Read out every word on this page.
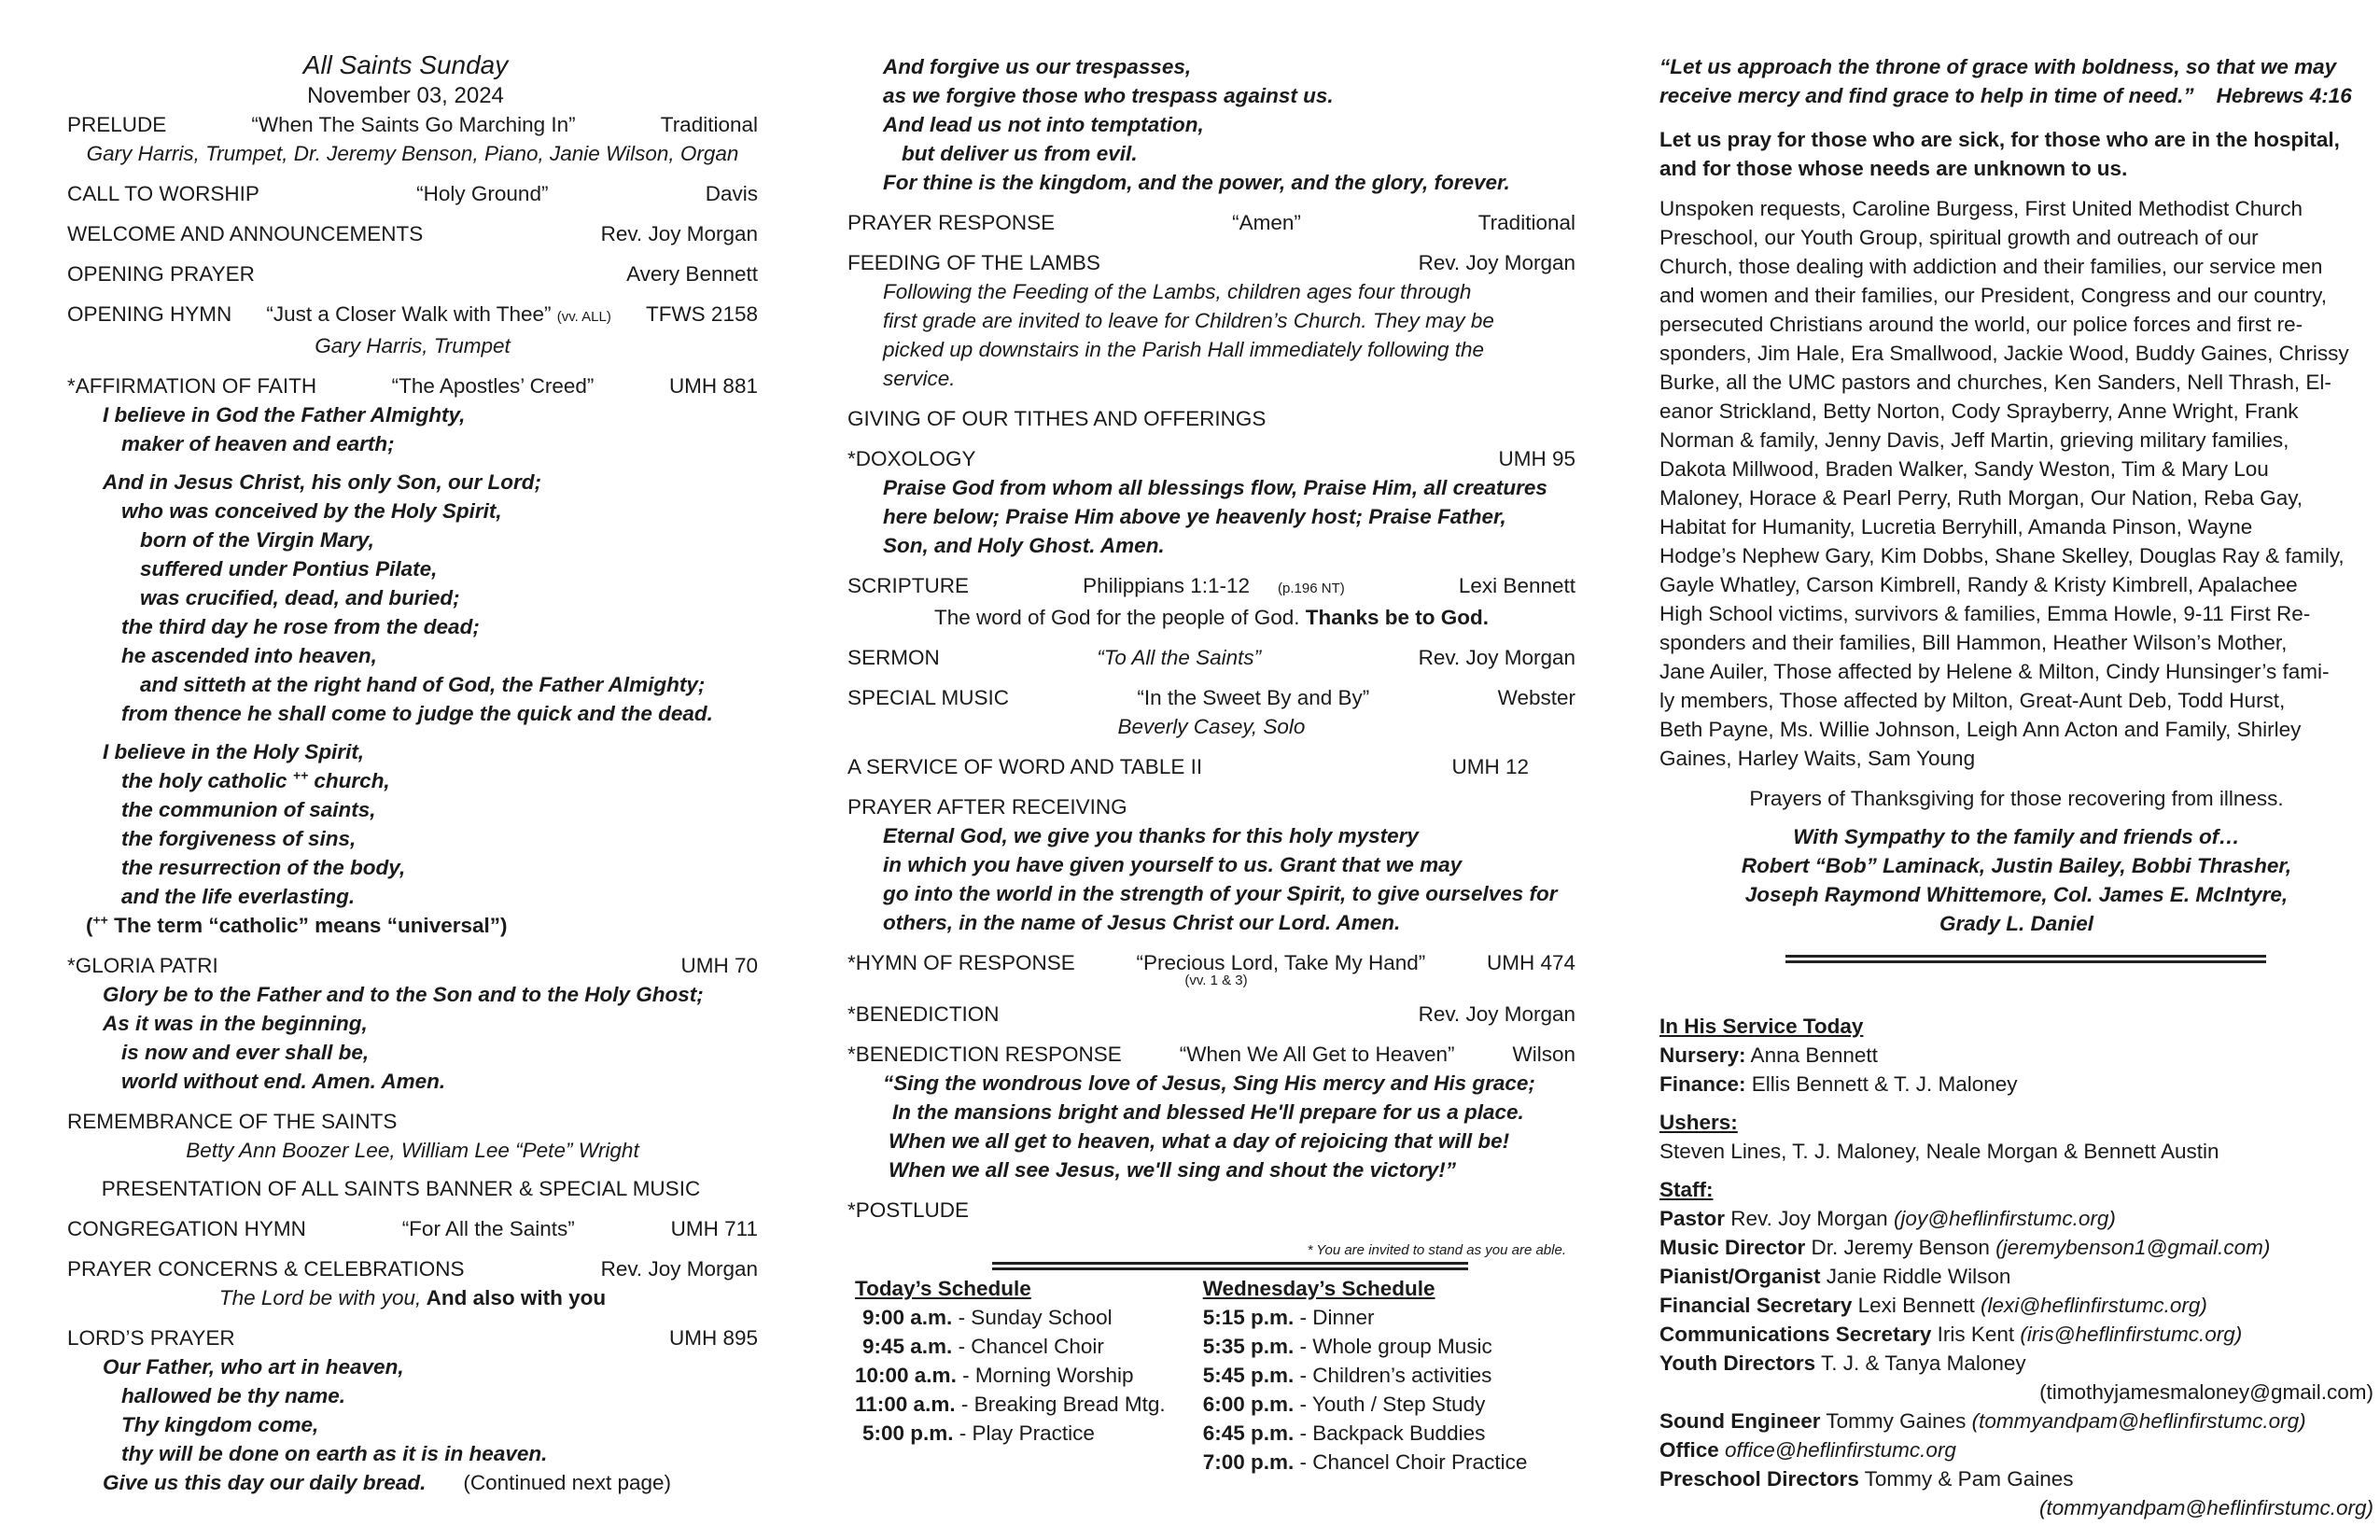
All Saints Sunday
November 03, 2024
PRELUDE	“When The Saints Go Marching In”	Traditional
Gary Harris, Trumpet, Dr. Jeremy Benson, Piano, Janie Wilson, Organ
CALL TO WORSHIP	“Holy Ground”	Davis
WELCOME AND ANNOUNCEMENTS	Rev. Joy Morgan
OPENING PRAYER	Avery Bennett
OPENING HYMN “Just a Closer Walk with Thee” (vv. ALL) TFWS 2158
Gary Harris, Trumpet
*AFFIRMATION OF FAITH	“The Apostles’ Creed”	UMH 881
I believe in God the Father Almighty,
maker of heaven and earth;
And in Jesus Christ, his only Son, our Lord;
who was conceived by the Holy Spirit,
born of the Virgin Mary,
suffered under Pontius Pilate,
was crucified, dead, and buried;
the third day he rose from the dead;
he ascended into heaven,
and sitteth at the right hand of God, the Father Almighty;
from thence he shall come to judge the quick and the dead.
I believe in the Holy Spirit,
the holy catholic ++ church,
the communion of saints,
the forgiveness of sins,
the resurrection of the body,
and the life everlasting.
(++ The term “catholic” means “universal”)
*GLORIA PATRI	UMH 70
Glory be to the Father and to the Son and to the Holy Ghost;
As it was in the beginning,
is now and ever shall be,
world without end. Amen. Amen.
REMEMBRANCE OF THE SAINTS
Betty Ann Boozer Lee, William Lee “Pete” Wright
PRESENTATION OF ALL SAINTS BANNER & SPECIAL MUSIC
CONGREGATION HYMN	“For All the Saints”	UMH 711
PRAYER CONCERNS & CELEBRATIONS	Rev. Joy Morgan
The Lord be with you, And also with you
LORD’S PRAYER	UMH 895
Our Father, who art in heaven,
hallowed be thy name.
Thy kingdom come,
thy will be done on earth as it is in heaven.
Give us this day our daily bread. (Continued next page)
And forgive us our trespasses,
as we forgive those who trespass against us.
And lead us not into temptation,
but deliver us from evil.
For thine is the kingdom, and the power, and the glory, forever.
PRAYER RESPONSE	“Amen”	Traditional
FEEDING OF THE LAMBS	Rev. Joy Morgan
Following the Feeding of the Lambs, children ages four through
first grade are invited to leave for Children’s Church. They may be
picked up downstairs in the Parish Hall immediately following the
service.
GIVING OF OUR TITHES AND OFFERINGS
*DOXOLOGY	UMH 95
Praise God from whom all blessings flow, Praise Him, all creatures
here below; Praise Him above ye heavenly host; Praise Father,
Son, and Holy Ghost. Amen.
SCRIPTURE	Philippians 1:1-12 (p.196 NT)	Lexi Bennett
The word of God for the people of God. Thanks be to God.
SERMON	“To All the Saints”	Rev. Joy Morgan
SPECIAL MUSIC	“In the Sweet By and By”	Webster
Beverly Casey, Solo
A SERVICE OF WORD AND TABLE II	UMH 12
PRAYER AFTER RECEIVING
Eternal God, we give you thanks for this holy mystery
in which you have given yourself to us. Grant that we may
go into the world in the strength of your Spirit, to give ourselves for
others, in the name of Jesus Christ our Lord. Amen.
*HYMN OF RESPONSE	“Precious Lord, Take My Hand”	UMH 474
(vv. 1 & 3)
*BENEDICTION	Rev. Joy Morgan
*BENEDICTION RESPONSE	“When We All Get to Heaven”	Wilson
“Sing the wondrous love of Jesus, Sing His mercy and His grace;
In the mansions bright and blessed He'll prepare for us a place.
When we all get to heaven, what a day of rejoicing that will be!
When we all see Jesus, we'll sing and shout the victory!”
*POSTLUDE
* You are invited to stand as you are able.
Today’s Schedule
9:00 a.m. - Sunday School
9:45 a.m. - Chancel Choir
10:00 a.m. - Morning Worship
11:00 a.m. - Breaking Bread Mtg.
5:00 p.m. - Play Practice
Wednesday’s Schedule
5:15 p.m. - Dinner
5:35 p.m. - Whole group Music
5:45 p.m. - Children’s activities
6:00 p.m. - Youth / Step Study
6:45 p.m. - Backpack Buddies
7:00 p.m. - Chancel Choir Practice
“Let us approach the throne of grace with boldness, so that we may
receive mercy and find grace to help in time of need.” Hebrews 4:16
Let us pray for those who are sick, for those who are in the hospital, and for those whose needs are unknown to us.
Unspoken requests, Caroline Burgess, First United Methodist Church
Preschool, our Youth Group, spiritual growth and outreach of our
Church, those dealing with addiction and their families, our service men
and women and their families, our President, Congress and our country,
persecuted Christians around the world, our police forces and first re-
sponders, Jim Hale, Era Smallwood, Jackie Wood, Buddy Gaines, Chrissy
Burke, all the UMC pastors and churches, Ken Sanders, Nell Thrash, El-
eanor Strickland, Betty Norton, Cody Sprayberry, Anne Wright, Frank
Norman & family, Jenny Davis, Jeff Martin, grieving military families,
Dakota Millwood, Braden Walker, Sandy Weston, Tim & Mary Lou
Maloney, Horace & Pearl Perry, Ruth Morgan, Our Nation, Reba Gay,
Habitat for Humanity, Lucretia Berryhill, Amanda Pinson, Wayne
Hodge’s Nephew Gary, Kim Dobbs, Shane Skelley, Douglas Ray & family,
Gayle Whatley, Carson Kimbrell, Randy & Kristy Kimbrell, Apalachee
High School victims, survivors & families, Emma Howle, 9-11 First Re-
sponders and their families, Bill Hammon, Heather Wilson’s Mother,
Jane Auiler, Those affected by Helene & Milton, Cindy Hunsinger’s fami-
ly members, Those affected by Milton, Great-Aunt Deb, Todd Hurst,
Beth Payne, Ms. Willie Johnson, Leigh Ann Acton and Family, Shirley
Gaines, Harley Waits, Sam Young
Prayers of Thanksgiving for those recovering from illness.
With Sympathy to the family and friends of…
Robert “Bob” Laminack, Justin Bailey, Bobbi Thrasher,
Joseph Raymond Whittemore, Col. James E. McIntyre,
Grady L. Daniel
In His Service Today
Nursery: Anna Bennett
Finance: Ellis Bennett & T. J. Maloney
Ushers:
Steven Lines, T. J. Maloney, Neale Morgan & Bennett Austin
Staff:
Pastor Rev. Joy Morgan (joy@heflinfirstumc.org)
Music Director Dr. Jeremy Benson (jeremybenson1@gmail.com)
Pianist/Organist Janie Riddle Wilson
Financial Secretary Lexi Bennett (lexi@heflinfirstumc.org)
Communications Secretary Iris Kent (iris@heflinfirstumc.org)
Youth Directors T. J. & Tanya Maloney
(timothyjamesmaloney@gmail.com)
Sound Engineer Tommy Gaines (tommyandpam@heflinfirstumc.org)
Office office@heflinfirstumc.org
Preschool Directors Tommy & Pam Gaines
(tommyandpam@heflinfirstumc.org)
